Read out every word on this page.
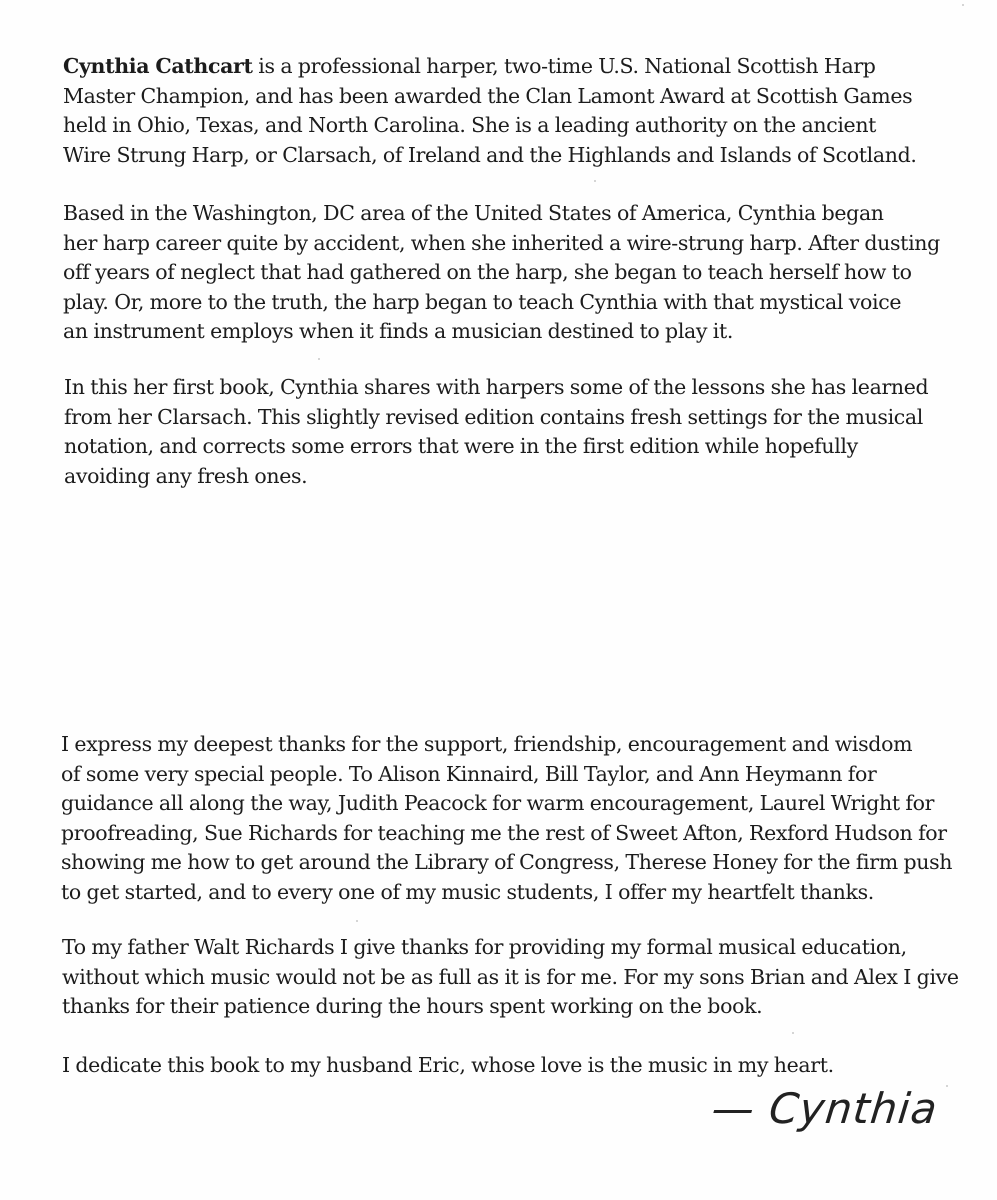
Cynthia Cathcart is a professional harper, two-time U.S. National Scottish Harp
Master Champion, and has been awarded the Clan Lamont Award at Scottish Games
held in Ohio, Texas, and North Carolina. She is a leading authority on the ancient
Wire Strung Harp, or Clarsach, of Ireland and the Highlands and Islands of Scotland.

Based in the Washington, DC area of the United States of America, Cynthia began
her harp career quite by accident, when she inherited a wire-strung harp. After dusting
off years of neglect that had gathered on the harp, she began to teach herself how to
play. Or, more to the truth, the harp began to teach Cynthia with that mystical voice
an instrument employs when it finds a musician destined to play it.

In this her first book, Cynthia shares with harpers some of the lessons she has learned
from her Clarsach. This slightly revised edition contains fresh settings for the musical
notation, and corrects some errors that were in the first edition while hopefully
avoiding any fresh ones.

I express my deepest thanks for the support, friendship, encouragement and wisdom
of some very special people. To Alison Kinnaird, Bill Taylor, and Ann Heymann for
guidance all along the way, Judith Peacock for warm encouragement, Laurel Wright for
proofreading, Sue Richards for teaching me the rest of Sweet Afton, Rexford Hudson for
showing me how to get around the Library of Congress, Therese Honey for the firm push
to get started, and to every one of my music students, I offer my heartfelt thanks.

To my father Walt Richards I give thanks for providing my formal musical education,
without which music would not be as full as it is for me. For my sons Brian and Alex I give
thanks for their patience during the hours spent working on the book.

I dedicate this book to my husband Eric, whose love is the music in my heart.

— Cynthia
